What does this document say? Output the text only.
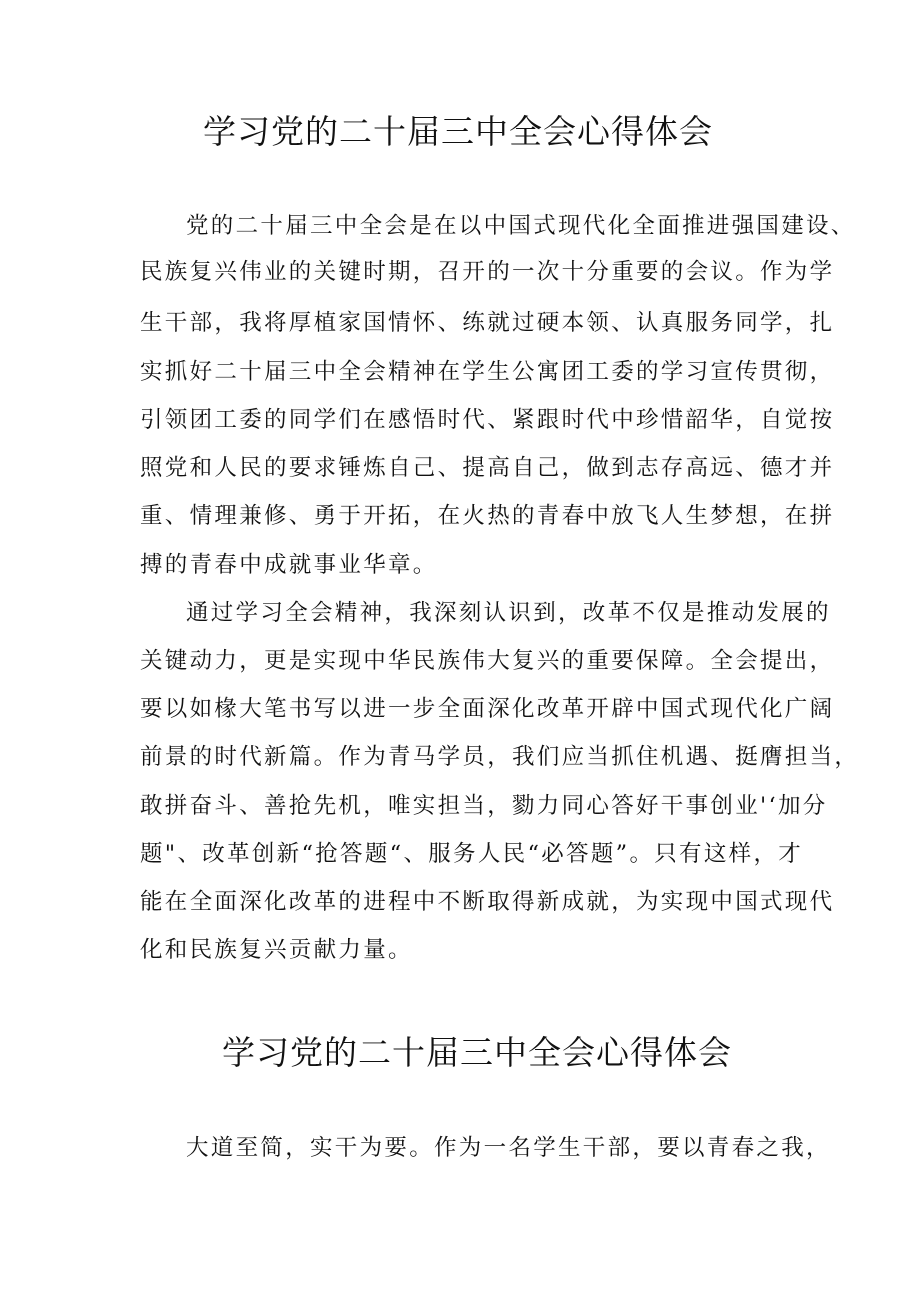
学习党的二十届三中全会心得体会

党的二十届三中全会是在以中国式现代化全面推进强国建设、

民族复兴伟业的关键时期，召开的一次十分重要的会议。作为学

生干部，我将厚植家国情怀、练就过硬本领、认真服务同学，扎

实抓好二十届三中全会精神在学生公寓团工委的学习宣传贯彻，

引领团工委的同学们在感悟时代、紧跟时代中珍惜韶华，自觉按

照党和人民的要求锤炼自己、提高自己，做到志存高远、德才并

重、情理兼修、勇于开拓，在火热的青春中放飞人生梦想，在拼

搏的青春中成就事业华章。

通过学习全会精神，我深刻认识到，改革不仅是推动发展的

关键动力，更是实现中华民族伟大复兴的重要保障。全会提出，

要以如椽大笔书写以进一步全面深化改革开辟中国式现代化广阔

前景的时代新篇。作为青马学员，我们应当抓住机遇、挺膺担当，

敢拼奋斗、善抢先机，唯实担当，勠力同心答好干事创业'‘加分

题"、改革创新“抢答题“、服务人民“必答题”。只有这样，才

能在全面深化改革的进程中不断取得新成就，为实现中国式现代

化和民族复兴贡献力量。

学习党的二十届三中全会心得体会

大道至简，实干为要。作为一名学生干部，要以青春之我，
